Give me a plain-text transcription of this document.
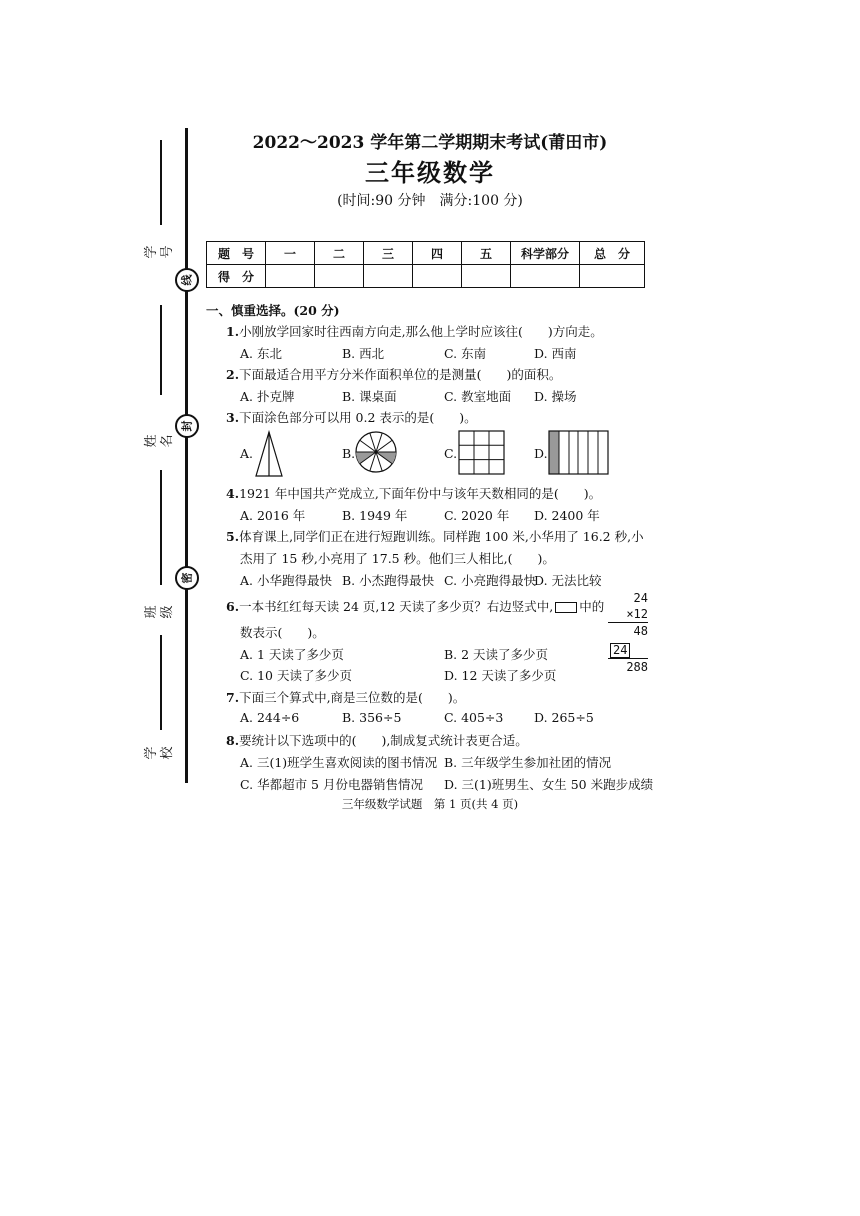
学　号
姓　名
班　级
学　校
线
封
密
2022～2023 学年第二学期期末考试(莆田市)
三年级数学
(时间:90 分钟　满分:100 分)
题　号	一	二	三	四	五	科学部分	总　分
得　分							
一、慎重选择。(20 分)
1.小刚放学回家时往西南方向走,那么他上学时应该往(　　)方向走。
A. 东北	B. 西北	C. 东南	D. 西南
2.下面最适合用平方分米作面积单位的是测量(　　)的面积。
A. 扑克牌	B. 课桌面	C. 教室地面 D. 操场
3.下面涂色部分可以用 0.2 表示的是(　　)。
A.	B.	C.	D.
4.1921 年中国共产党成立,下面年份中与该年天数相同的是(　　)。
A. 2016 年	B. 1949 年	C. 2020 年 D. 2400 年
5.体育课上,同学们正在进行短跑训练。同样跑 100 米,小华用了 16.2 秒,小
杰用了 15 秒,小亮用了 17.5 秒。他们三人相比,(　　)。
A. 小华跑得最快 B. 小杰跑得最快 C. 小亮跑得最快
D. 无法比较
6.一本书红红每天读 24 页,12 天读了多少页？右边竖式中, 中的
数表示(　　)。
A. 1 天读了多少页	B. 2 天读了多少页
C. 10 天读了多少页	D. 12 天读了多少页
24
×12
48
24
288
7.下面三个算式中,商是三位数的是(　　)。
A. 244÷6	B. 356÷5	C. 405÷3 D. 265÷5
8.要统计以下选项中的(　　),制成复式统计表更合适。
A. 三(1)班学生喜欢阅读的图书情况 B. 三年级学生参加社团的情况
C. 华都超市 5 月份电器销售情况 D. 三(1)班男生、女生 50 米跑步成绩
三年级数学试题　第 1 页(共 4 页)
